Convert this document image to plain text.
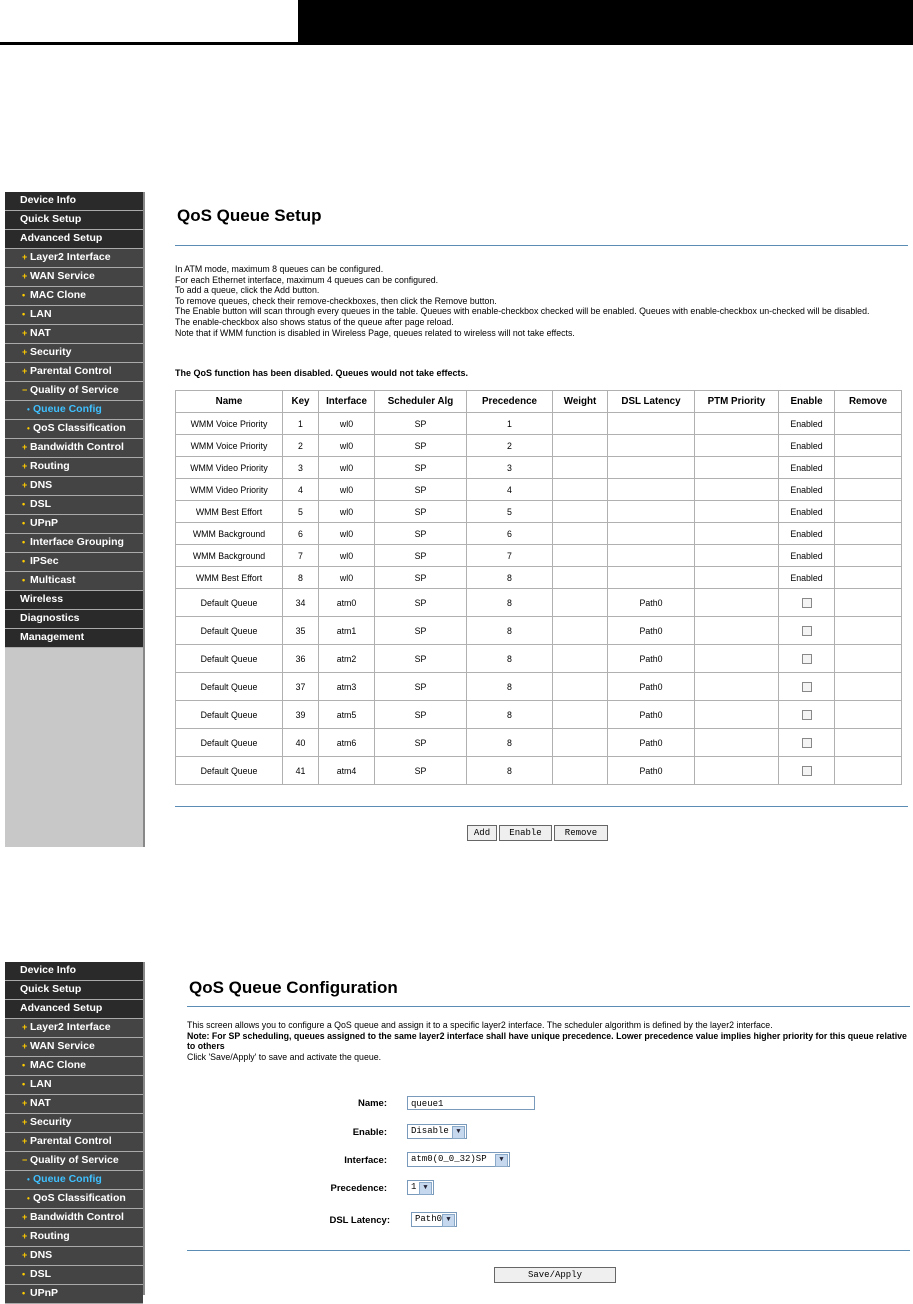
Device Info
Quick Setup
Advanced Setup
+ Layer2 Interface
+ WAN Service
• MAC Clone
• LAN
+ NAT
+ Security
+ Parental Control
− Quality of Service
• Queue Config
• QoS Classification
+ Bandwidth Control
+ Routing
+ DNS
• DSL
• UPnP
• Interface Grouping
• IPSec
• Multicast
Wireless
Diagnostics
Management
QoS Queue Setup
In ATM mode, maximum 8 queues can be configured.
For each Ethernet interface, maximum 4 queues can be configured.
To add a queue, click the Add button.
To remove queues, check their remove-checkboxes, then click the Remove button.
The Enable button will scan through every queues in the table. Queues with enable-checkbox checked will be enabled. Queues with enable-checkbox un-checked will be disabled.
The enable-checkbox also shows status of the queue after page reload.
Note that if WMM function is disabled in Wireless Page, queues related to wireless will not take effects.
The QoS function has been disabled. Queues would not take effects.
Name	Key	Interface	Scheduler Alg	Precedence	Weight	DSL Latency	PTM Priority	Enable	Remove
WMM Voice Priority	1	wl0	SP	1				Enabled	
WMM Voice Priority	2	wl0	SP	2				Enabled	
WMM Video Priority	3	wl0	SP	3				Enabled	
WMM Video Priority	4	wl0	SP	4				Enabled	
WMM Best Effort	5	wl0	SP	5				Enabled	
WMM Background	6	wl0	SP	6				Enabled	
WMM Background	7	wl0	SP	7				Enabled	
WMM Best Effort	8	wl0	SP	8				Enabled	
Default Queue	34	atm0	SP	8		Path0			
Default Queue	35	atm1	SP	8		Path0			
Default Queue	36	atm2	SP	8		Path0			
Default Queue	37	atm3	SP	8		Path0			
Default Queue	39	atm5	SP	8		Path0			
Default Queue	40	atm6	SP	8		Path0			
Default Queue	41	atm4	SP	8		Path0			
Add	Enable	Remove
Device Info
Quick Setup
Advanced Setup
+ Layer2 Interface
+ WAN Service
• MAC Clone
• LAN
+ NAT
+ Security
+ Parental Control
− Quality of Service
• Queue Config
• QoS Classification
+ Bandwidth Control
+ Routing
+ DNS
• DSL
• UPnP
QoS Queue Configuration
This screen allows you to configure a QoS queue and assign it to a specific layer2 interface. The scheduler algorithm is defined by the layer2 interface.
Note: For SP scheduling, queues assigned to the same layer2 interface shall have unique precedence. Lower precedence value implies higher priority for this queue relative to others
Click 'Save/Apply' to save and activate the queue.
Name:	queue1
Enable:	Disable	▼
Interface:	atm0(0_0_32)SP	▼
Precedence:	1 ▼
DSL Latency:	Path0 ▼
Save/Apply
